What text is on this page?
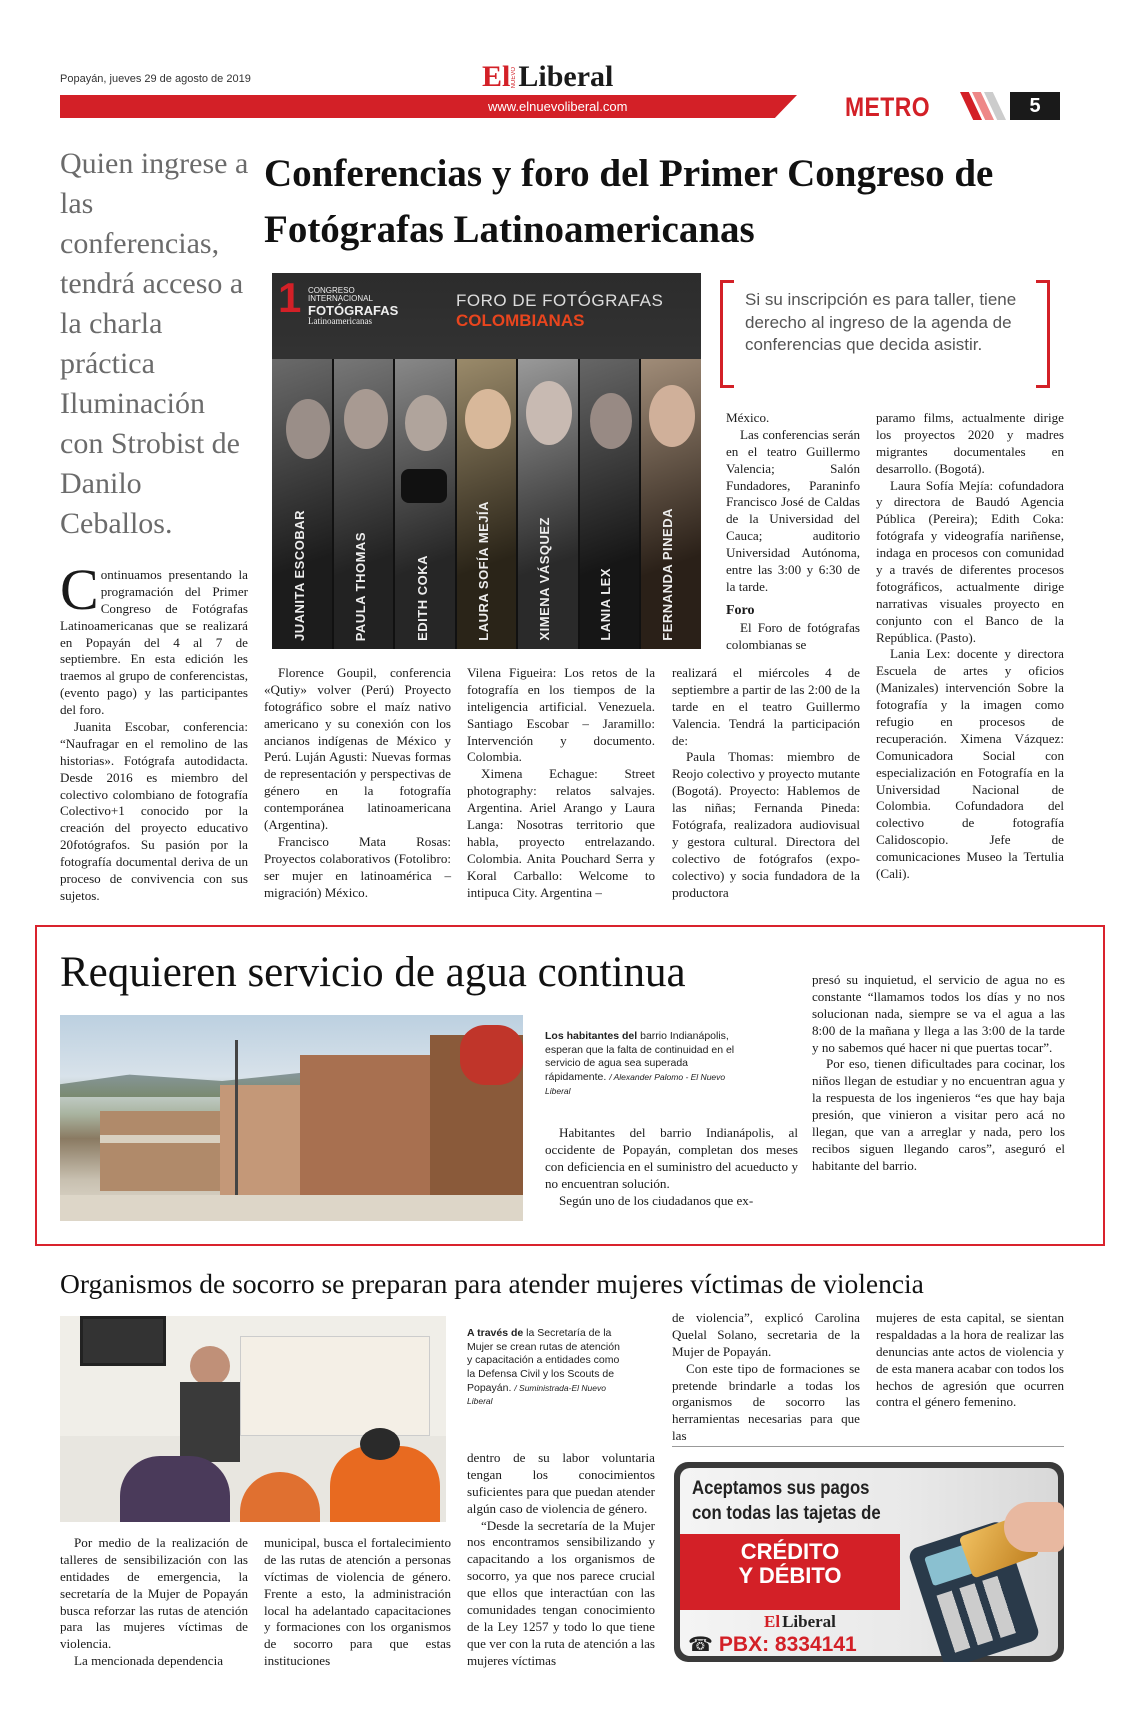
Popayán, jueves 29 de agosto de 2019	El NUEVO Liberal
www.elnuevoliberal.com	METRO	5
Quien ingrese a las conferencias, tendrá acceso a la charla práctica Iluminación con Strobist de Danilo Ceballos.
Conferencias y foro del Primer Congreso de Fotógrafas Latinoamericanas
1 CONGRESO
INTERNACIONAL
FOTÓGRAFAS
Latinoamericanas
FORO DE FOTÓGRAFAS
COLOMBIANAS
JUANITA ESCOBAR	PAULA THOMAS	EDITH COKA	LAURA SOFÍA MEJÍA	XIMENA VÁSQUEZ	LANIA LEX	FERNANDA PINEDA
Si su inscripción es para taller, tiene derecho al ingreso de la agenda de conferencias que decida asistir.

Continuamos presentando la programación del Primer Congreso de Fotógrafas Latinoamericanas que se realizará en Popayán del 4 al 7 de septiembre. En esta edición les traemos al grupo de conferencistas, (evento pago) y las participantes del foro.

Juanita Escobar, conferencia: “Naufragar en el remolino de las historias». Fotógrafa autodidacta. Desde 2016 es miembro del colectivo colombiano de fotografía Colectivo+1 conocido por la creación del proyecto educativo 20fotógrafos. Su pasión por la fotografía documental deriva de un proceso de convivencia con sus sujetos.

Florence Goupil, conferencia «Qutiy» volver (Perú) Proyecto fotográfico sobre el maíz nativo americano y su conexión con los ancianos indígenas de México y Perú. Luján Agusti: Nuevas formas de representación y perspectivas de género en la fotografía contemporánea latinoamericana (Argentina).

Francisco Mata Rosas: Proyectos colaborativos (Fotolibro: ser mujer en latinoamérica – migración) México.

Vilena Figueira: Los retos de la fotografía en los tiempos de la inteligencia artificial. Venezuela. Santiago Escobar – Jaramillo: Intervención y documento. Colombia.

Ximena Echague: Street photography: relatos salvajes. Argentina. Ariel Arango y Laura Langa: Nosotras territorio que habla, proyecto entrelazando. Colombia. Anita Pouchard Serra y Koral Carballo: Welcome to intipuca City. Argentina –

México.

Las conferencias serán en el teatro Guillermo Valencia; Salón Fundadores, Paraninfo Francisco José de Caldas de la Universidad del Cauca; auditorio Universidad Autónoma, entre las 3:00 y 6:30 de la tarde.

Foro

El Foro de fotógrafas colombianas se

realizará el miércoles 4 de septiembre a partir de las 2:00 de la tarde en el teatro Guillermo Valencia. Tendrá la participación de:

Paula Thomas: miembro de Reojo colectivo y proyecto mutante (Bogotá). Proyecto: Hablemos de las niñas; Fernanda Pineda: Fotógrafa, realizadora audiovisual y gestora cultural. Directora del colectivo de fotógrafos (expo- colectivo) y socia fundadora de la productora

paramo films, actualmente dirige los proyectos 2020 y madres migrantes documentales en desarrollo. (Bogotá).

Laura Sofía Mejía: cofundadora y directora de Baudó Agencia Pública (Pereira); Edith Coka: fotógrafa y videografía nariñense, indaga en procesos con comunidad y a través de diferentes procesos fotográficos, actualmente dirige narrativas visuales proyecto en conjunto con el Banco de la República. (Pasto).

Lania Lex: docente y directora Escuela de artes y oficios (Manizales) intervención Sobre la fotografía y la imagen como refugio en procesos de recuperación. Ximena Vázquez: Comunicadora Social con especialización en Fotografía en la Universidad Nacional de Colombia. Cofundadora del colectivo de fotografía Calidoscopio. Jefe de comunicaciones Museo la Tertulia (Cali).

Requieren servicio de agua continua
Los habitantes del barrio Indianápolis, esperan que la falta de continuidad en el servicio de agua sea superada rápidamente. / Alexander Palomo - El Nuevo Liberal

Habitantes del barrio Indianápolis, al occidente de Popayán, completan dos meses con deficiencia en el suministro del acueducto y no encuentran solución.

Según uno de los ciudadanos que ex-

presó su inquietud, el servicio de agua no es constante “llamamos todos los días y no nos solucionan nada, siempre se va el agua a las 8:00 de la mañana y llega a las 3:00 de la tarde y no sabemos qué hacer ni que puertas tocar”.

Por eso, tienen dificultades para cocinar, los niños llegan de estudiar y no encuentran agua y la respuesta de los ingenieros “es que hay baja presión, que vinieron a visitar pero acá no llegan, que van a arreglar y nada, pero los recibos siguen llegando caros”, aseguró el habitante del barrio.

Organismos de socorro se preparan para atender mujeres víctimas de violencia
A través de la Secretaría de la Mujer se crean rutas de atención y capacitación a entidades como la Defensa Civil y los Scouts de Popayán. / Suministrada-El Nuevo Liberal

Por medio de la realización de talleres de sensibilización con las entidades de emergencia, la secretaría de la Mujer de Popayán busca reforzar las rutas de atención para las mujeres víctimas de violencia.

La mencionada dependencia

municipal, busca el fortalecimiento de las rutas de atención a personas víctimas de violencia de género. Frente a esto, la administración local ha adelantado capacitaciones y formaciones con los organismos de socorro para que estas instituciones

dentro de su labor voluntaria tengan los conocimientos suficientes para que puedan atender algún caso de violencia de género.

“Desde la secretaría de la Mujer nos encontramos sensibilizando y capacitando a los organismos de socorro, ya que nos parece crucial que ellos que interactúan con las comunidades tengan conocimiento de la Ley 1257 y todo lo que tiene que ver con la ruta de atención a las mujeres víctimas

de violencia”, explicó Carolina Quelal Solano, secretaria de la Mujer de Popayán.

Con este tipo de formaciones se pretende brindarle a todas los organismos de socorro las herramientas necesarias para que las

mujeres de esta capital, se sientan respaldadas a la hora de realizar las denuncias ante actos de violencia y de esta manera acabar con todos los hechos de agresión que ocurren contra el género femenino.

Aceptamos sus pagos
con todas las tajetas de
CRÉDITO
Y DÉBITO
El Liberal
☎ PBX: 8334141
